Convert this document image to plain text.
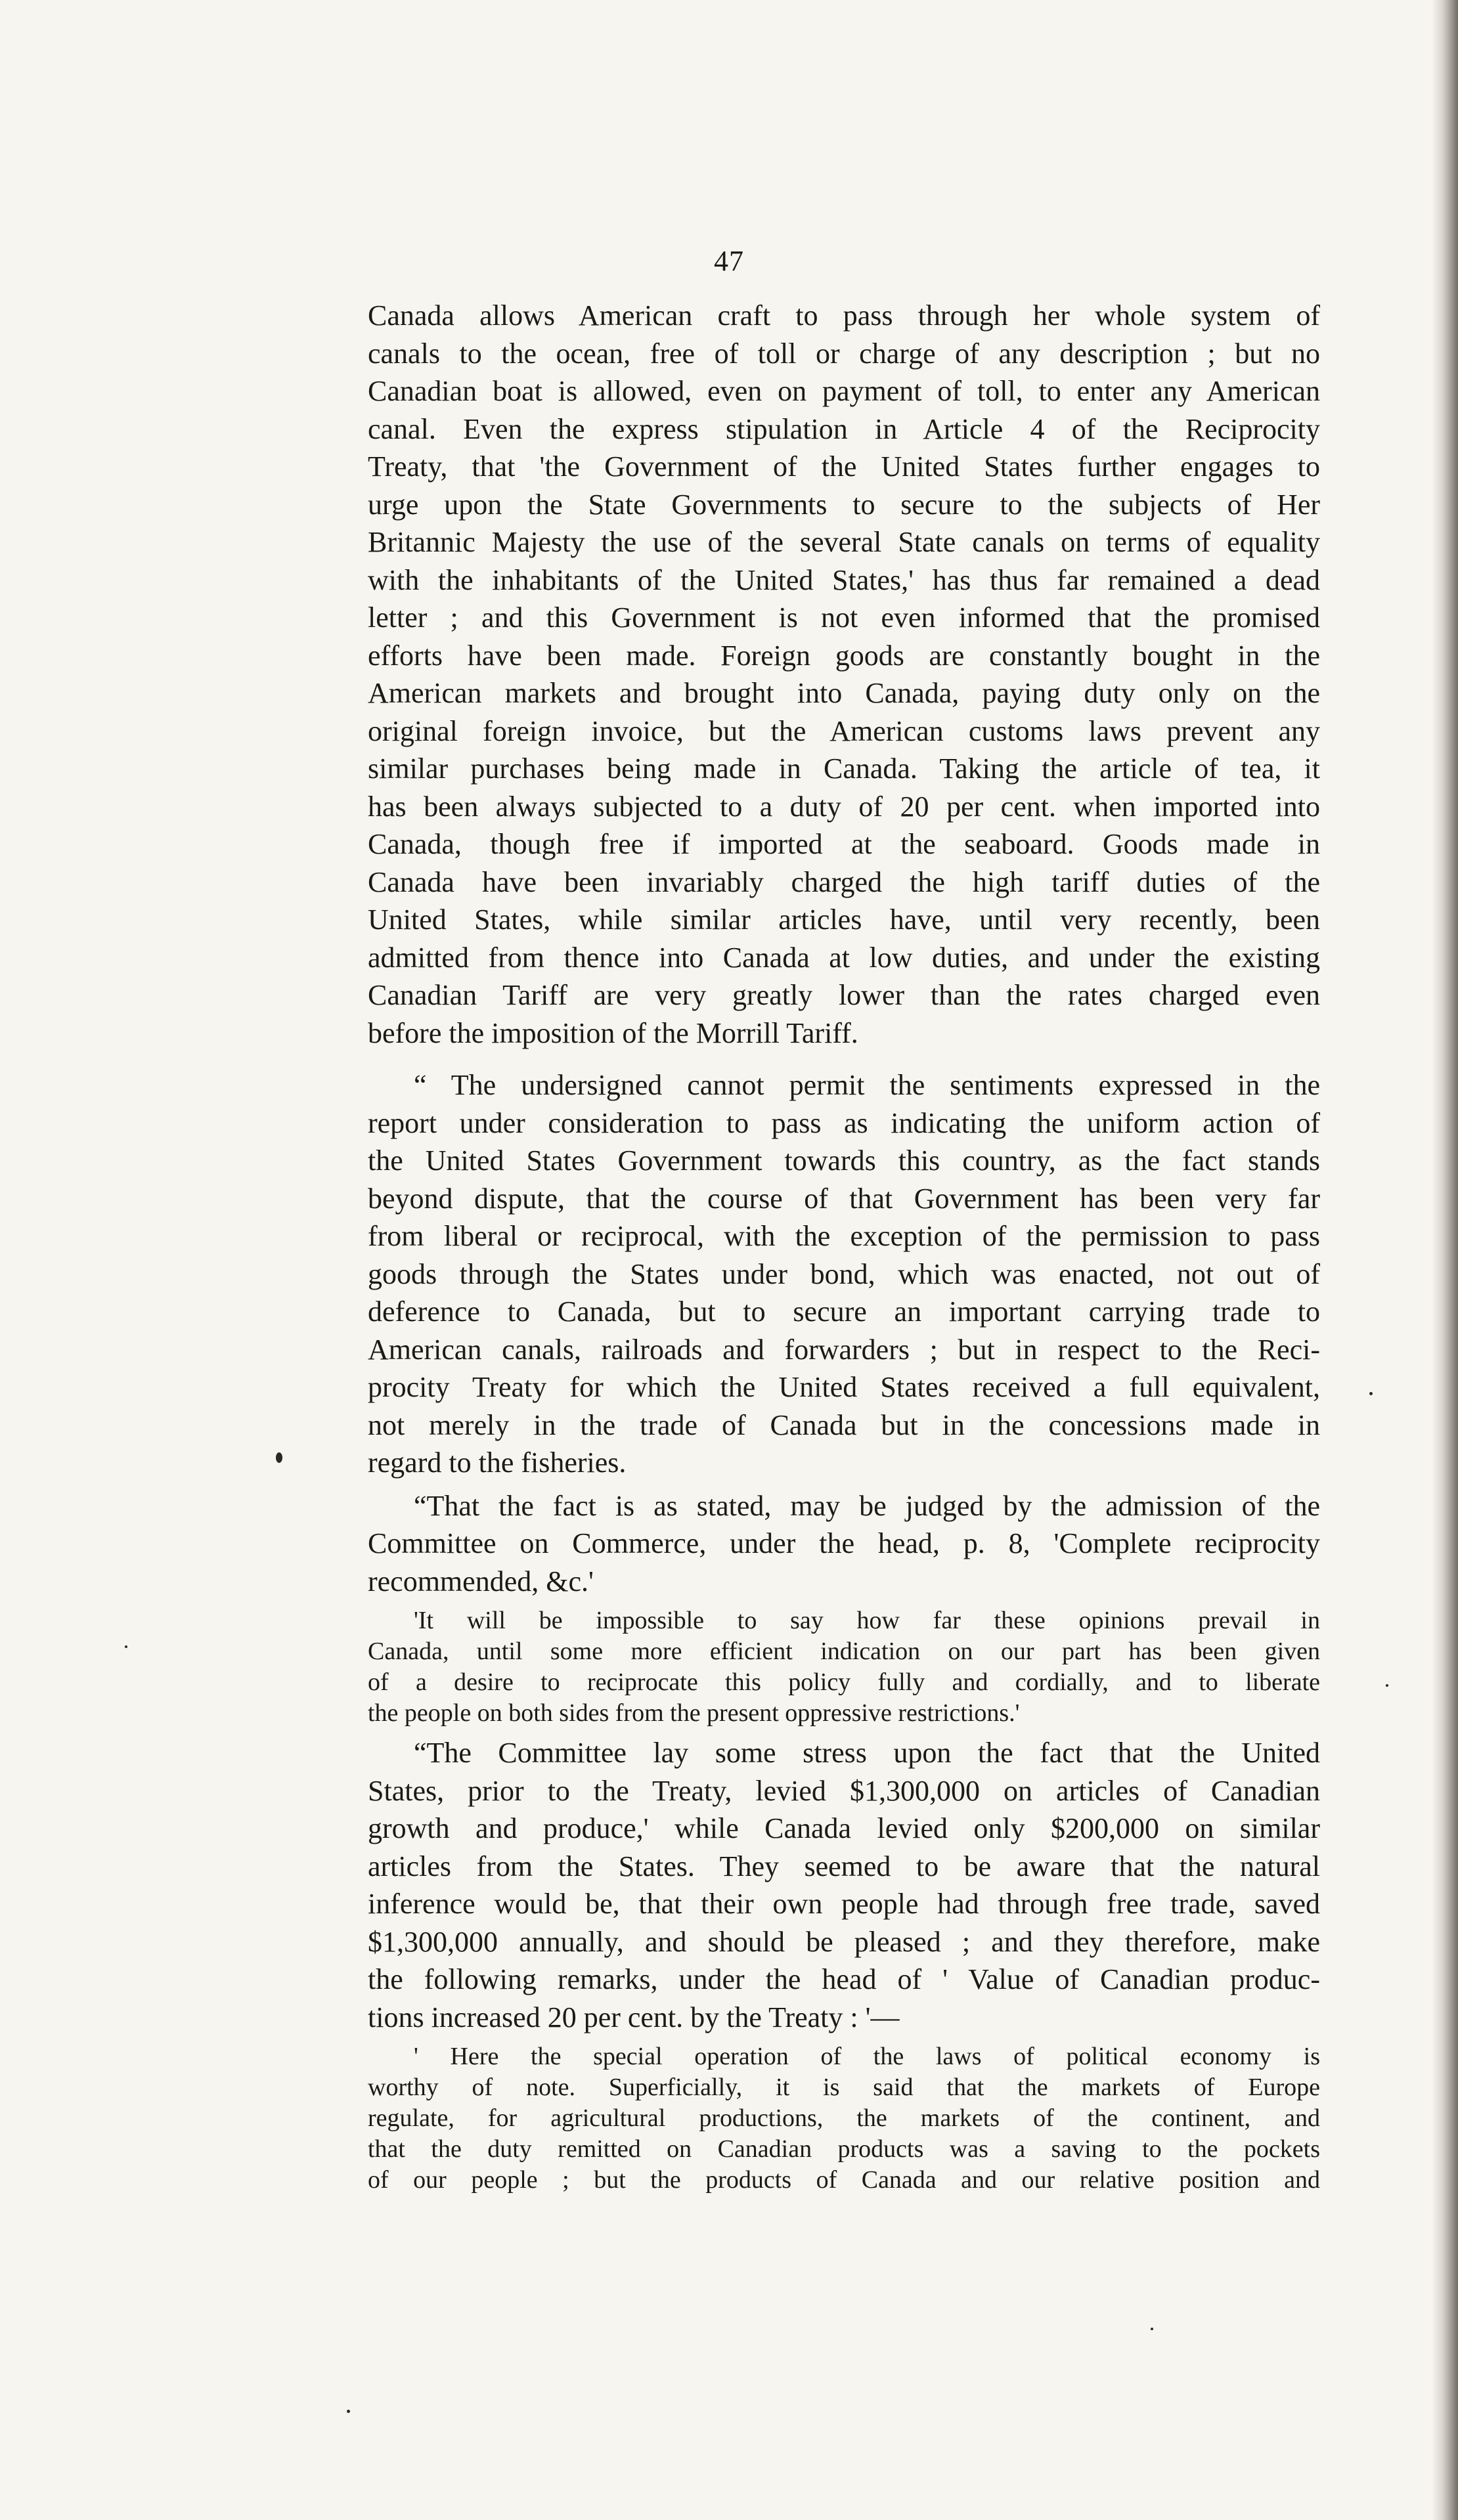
47
Canada allows American craft to pass through her whole system of
canals to the ocean, free of toll or charge of any description ; but no
Canadian boat is allowed, even on payment of toll, to enter any American
canal. Even the express stipulation in Article 4 of the Reciprocity
Treaty, that 'the Government of the United States further engages to
urge upon the State Governments to secure to the subjects of Her
Britannic Majesty the use of the several State canals on terms of equality
with the inhabitants of the United States,' has thus far remained a dead
letter ; and this Government is not even informed that the promised
efforts have been made. Foreign goods are constantly bought in the
American markets and brought into Canada, paying duty only on the
original foreign invoice, but the American customs laws prevent any
similar purchases being made in Canada. Taking the article of tea, it
has been always subjected to a duty of 20 per cent. when imported into
Canada, though free if imported at the seaboard. Goods made in
Canada have been invariably charged the high tariff duties of the
United States, while similar articles have, until very recently, been
admitted from thence into Canada at low duties, and under the existing
Canadian Tariff are very greatly lower than the rates charged even
before the imposition of the Morrill Tariff.
“ The undersigned cannot permit the sentiments expressed in the
report under consideration to pass as indicating the uniform action of
the United States Government towards this country, as the fact stands
beyond dispute, that the course of that Government has been very far
from liberal or reciprocal, with the exception of the permission to pass
goods through the States under bond, which was enacted, not out of
deference to Canada, but to secure an important carrying trade to
American canals, railroads and forwarders ; but in respect to the Reci-
procity Treaty for which the United States received a full equivalent,
not merely in the trade of Canada but in the concessions made in
regard to the fisheries.
“That the fact is as stated, may be judged by the admission of the
Committee on Commerce, under the head, p. 8, 'Complete reciprocity
recommended, &c.'
'It will be impossible to say how far these opinions prevail in
Canada, until some more efficient indication on our part has been given
of a desire to reciprocate this policy fully and cordially, and to liberate
the people on both sides from the present oppressive restrictions.'
“The Committee lay some stress upon the fact that the United
States, prior to the Treaty, levied $1,300,000 on articles of Canadian
growth and produce,' while Canada levied only $200,000 on similar
articles from the States. They seemed to be aware that the natural
inference would be, that their own people had through free trade, saved
$1,300,000 annually, and should be pleased ; and they therefore, make
the following remarks, under the head of ' Value of Canadian produc-
tions increased 20 per cent. by the Treaty : '—
' Here the special operation of the laws of political economy is
worthy of note. Superficially, it is said that the markets of Europe
regulate, for agricultural productions, the markets of the continent, and
that the duty remitted on Canadian products was a saving to the pockets
of our people ; but the products of Canada and our relative position and
